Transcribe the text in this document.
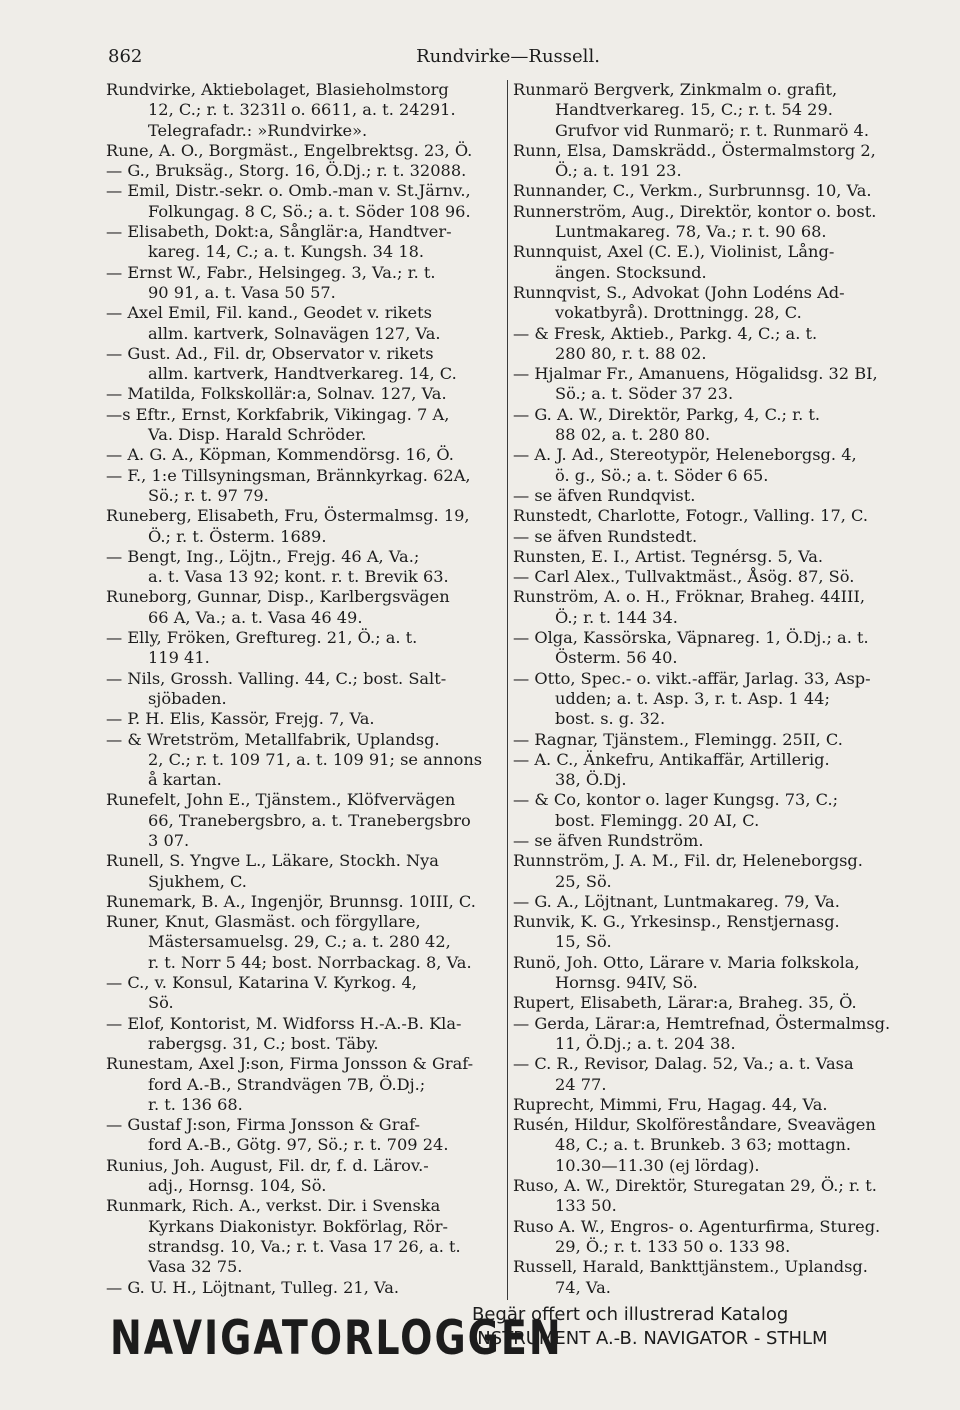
862	Rundvirke—Russell.
Rundvirke, Aktiebolaget, Blasieholmstorg
12, C.; r. t. 3231l o. 6611, a. t. 24291.
Telegrafadr.: »Rundvirke».
Rune, A. O., Borgmäst., Engelbrektsg. 23, Ö.
— G., Bruksäg., Storg. 16, Ö.Dj.; r. t. 32088.
— Emil, Distr.-sekr. o. Omb.-man v. St.Järnv.,
Folkungag. 8 C, Sö.; a. t. Söder 108 96.
— Elisabeth, Dokt:a, Sånglär:a, Handtver-
kareg. 14, C.; a. t. Kungsh. 34 18.
— Ernst W., Fabr., Helsingeg. 3, Va.; r. t.
90 91, a. t. Vasa 50 57.
— Axel Emil, Fil. kand., Geodet v. rikets
allm. kartverk, Solnavägen 127, Va.
— Gust. Ad., Fil. dr, Observator v. rikets
allm. kartverk, Handtverkareg. 14, C.
— Matilda, Folkskollär:a, Solnav. 127, Va.
—s Eftr., Ernst, Korkfabrik, Vikingag. 7 A,
Va. Disp. Harald Schröder.
— A. G. A., Köpman, Kommendörsg. 16, Ö.
— F., 1:e Tillsyningsman, Brännkyrkag. 62A,
Sö.; r. t. 97 79.
Runeberg, Elisabeth, Fru, Östermalmsg. 19,
Ö.; r. t. Österm. 1689.
— Bengt, Ing., Löjtn., Frejg. 46 A, Va.;
a. t. Vasa 13 92; kont. r. t. Brevik 63.
Runeborg, Gunnar, Disp., Karlbergsvägen
66 A, Va.; a. t. Vasa 46 49.
— Elly, Fröken, Greftureg. 21, Ö.; a. t.
119 41.
— Nils, Grossh. Valling. 44, C.; bost. Salt-
sjöbaden.
— P. H. Elis, Kassör, Frejg. 7, Va.
— & Wretström, Metallfabrik, Uplandsg.
2, C.; r. t. 109 71, a. t. 109 91; se annons
å kartan.
Runefelt, John E., Tjänstem., Klöfvervägen
66, Tranebergsbro, a. t. Tranebergsbro
3 07.
Runell, S. Yngve L., Läkare, Stockh. Nya
Sjukhem, C.
Runemark, B. A., Ingenjör, Brunnsg. 10III, C.
Runer, Knut, Glasmäst. och förgyllare,
Mästersamuelsg. 29, C.; a. t. 280 42,
r. t. Norr 5 44; bost. Norrbackag. 8, Va.
— C., v. Konsul, Katarina V. Kyrkog. 4,
Sö.
— Elof, Kontorist, M. Widforss H.-A.-B. Kla-
rabergsg. 31, C.; bost. Täby.
Runestam, Axel J:son, Firma Jonsson & Graf-
ford A.-B., Strandvägen 7B, Ö.Dj.;
r. t. 136 68.
— Gustaf J:son, Firma Jonsson & Graf-
ford A.-B., Götg. 97, Sö.; r. t. 709 24.
Runius, Joh. August, Fil. dr, f. d. Lärov.-
adj., Hornsg. 104, Sö.
Runmark, Rich. A., verkst. Dir. i Svenska
Kyrkans Diakonistyr. Bokförlag, Rör-
strandsg. 10, Va.; r. t. Vasa 17 26, a. t.
Vasa 32 75.
— G. U. H., Löjtnant, Tulleg. 21, Va.
Runmarö Bergverk, Zinkmalm o. grafit,
Handtverkareg. 15, C.; r. t. 54 29.
Grufvor vid Runmarö; r. t. Runmarö 4.
Runn, Elsa, Damskrädd., Östermalmstorg 2,
Ö.; a. t. 191 23.
Runnander, C., Verkm., Surbrunnsg. 10, Va.
Runnerström, Aug., Direktör, kontor o. bost.
Luntmakareg. 78, Va.; r. t. 90 68.
Runnquist, Axel (C. E.), Violinist, Lång-
ängen. Stocksund.
Runnqvist, S., Advokat (John Lodéns Ad-
vokatbyrå). Drottningg. 28, C.
— & Fresk, Aktieb., Parkg. 4, C.; a. t.
280 80, r. t. 88 02.
— Hjalmar Fr., Amanuens, Högalidsg. 32 BI,
Sö.; a. t. Söder 37 23.
— G. A. W., Direktör, Parkg, 4, C.; r. t.
88 02, a. t. 280 80.
— A. J. Ad., Stereotypör, Heleneborgsg. 4,
ö. g., Sö.; a. t. Söder 6 65.
— se äfven Rundqvist.
Runstedt, Charlotte, Fotogr., Valling. 17, C.
— se äfven Rundstedt.
Runsten, E. I., Artist. Tegnérsg. 5, Va.
— Carl Alex., Tullvaktmäst., Åsög. 87, Sö.
Runström, A. o. H., Fröknar, Braheg. 44III,
Ö.; r. t. 144 34.
— Olga, Kassörska, Väpnareg. 1, Ö.Dj.; a. t.
Österm. 56 40.
— Otto, Spec.- o. vikt.-affär, Jarlag. 33, Asp-
udden; a. t. Asp. 3, r. t. Asp. 1 44;
bost. s. g. 32.
— Ragnar, Tjänstem., Flemingg. 25II, C.
— A. C., Änkefru, Antikaffär, Artillerig.
38, Ö.Dj.
— & Co, kontor o. lager Kungsg. 73, C.;
bost. Flemingg. 20 AI, C.
— se äfven Rundström.
Runnström, J. A. M., Fil. dr, Heleneborgsg.
25, Sö.
— G. A., Löjtnant, Luntmakareg. 79, Va.
Runvik, K. G., Yrkesinsp., Renstjernasg.
15, Sö.
Runö, Joh. Otto, Lärare v. Maria folkskola,
Hornsg. 94IV, Sö.
Rupert, Elisabeth, Lärar:a, Braheg. 35, Ö.
— Gerda, Lärar:a, Hemtrefnad, Östermalmsg.
11, Ö.Dj.; a. t. 204 38.
— C. R., Revisor, Dalag. 52, Va.; a. t. Vasa
24 77.
Ruprecht, Mimmi, Fru, Hagag. 44, Va.
Rusén, Hildur, Skolföreståndare, Sveavägen
48, C.; a. t. Brunkeb. 3 63; mottagn.
10.30—11.30 (ej lördag).
Ruso, A. W., Direktör, Sturegatan 29, Ö.; r. t.
133 50.
Ruso A. W., Engros- o. Agenturfirma, Stureg.
29, Ö.; r. t. 133 50 o. 133 98.
Russell, Harald, Bankttjänstem., Uplandsg.
74, Va.
NAVIGATORLOGGEN
Begär offert och illustrerad Katalog
INSTRUMENT A.-B. NAVIGATOR - STHLM
